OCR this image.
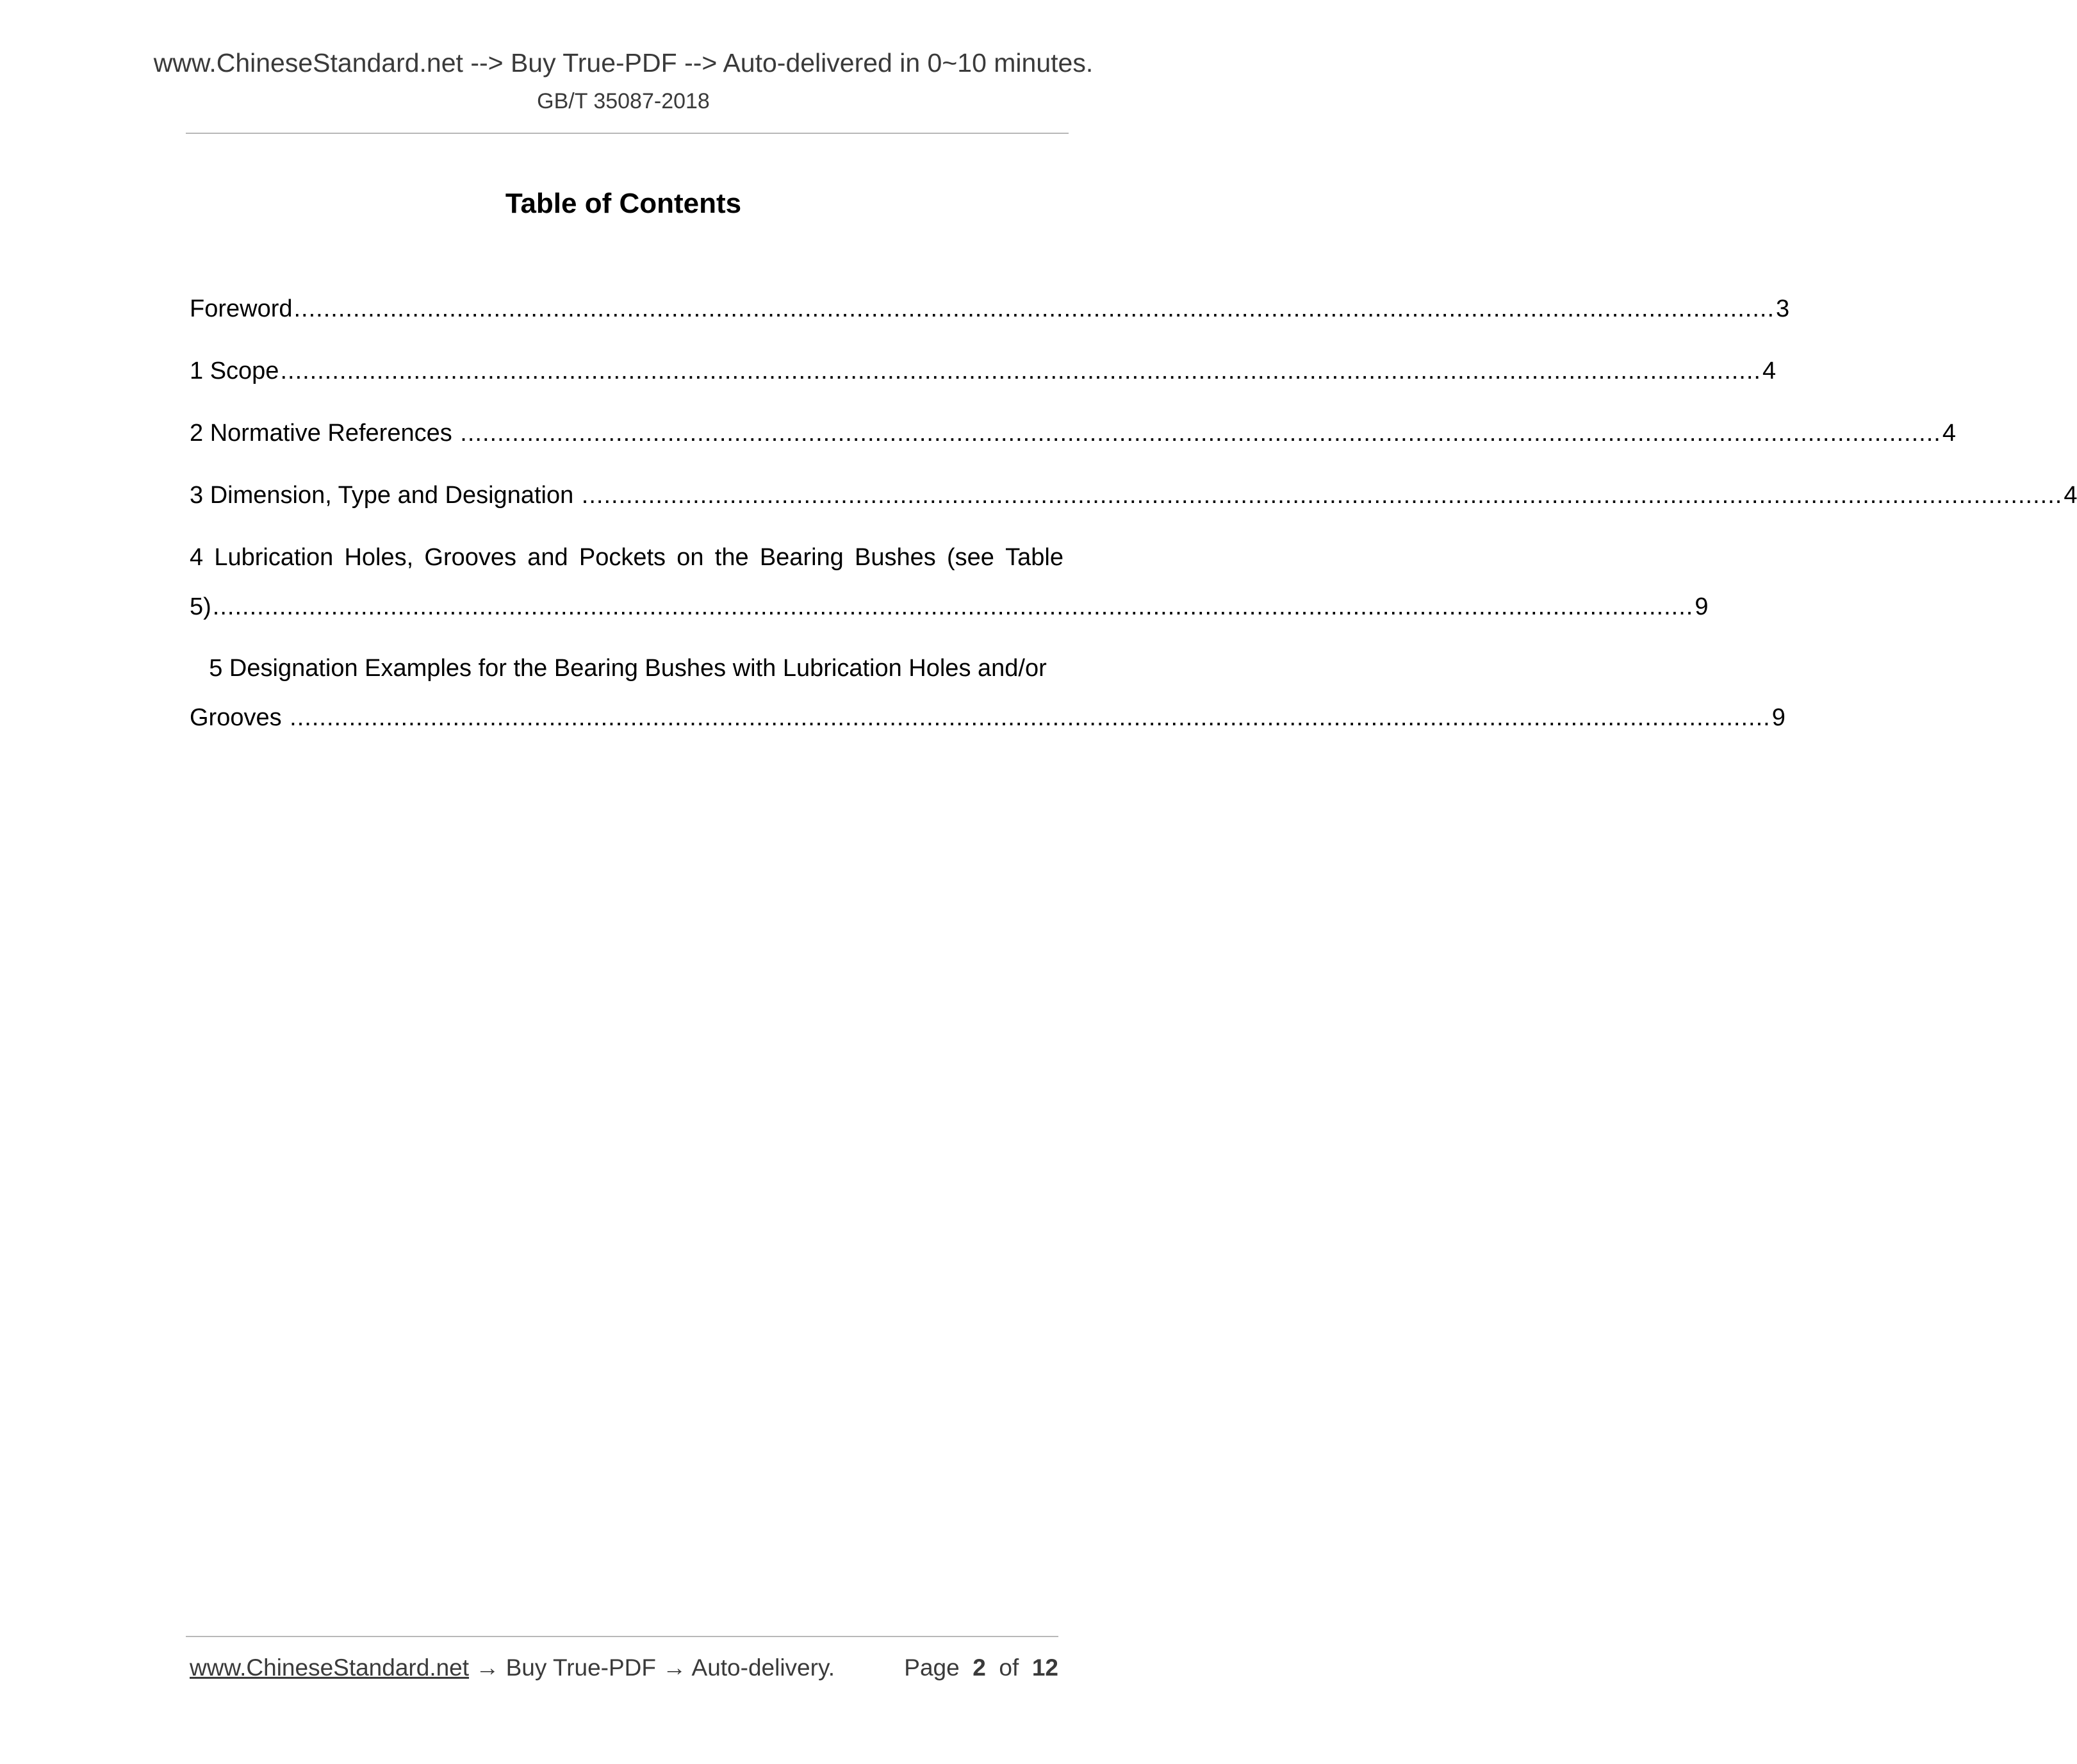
www.ChineseStandard.net --> Buy True-PDF --> Auto-delivered in 0~10 minutes.
GB/T 35087-2018
Table of Contents
Foreword ........................................................................................................................................................................................................ 3
1 Scope ........................................................................................................................................................................................................ 4
2 Normative References ........................................................................................................................................................................................................ 4
3 Dimension, Type and Designation ........................................................................................................................................................................................................ 4
4 Lubrication Holes, Grooves and Pockets on the Bearing Bushes (see Table
5) ........................................................................................................................................................................................................ 9
5 Designation Examples for the Bearing Bushes with Lubrication Holes and/or
Grooves ........................................................................................................................................................................................................ 9
www.ChineseStandard.net → Buy True-PDF → Auto-delivery.	Page 2 of 12
